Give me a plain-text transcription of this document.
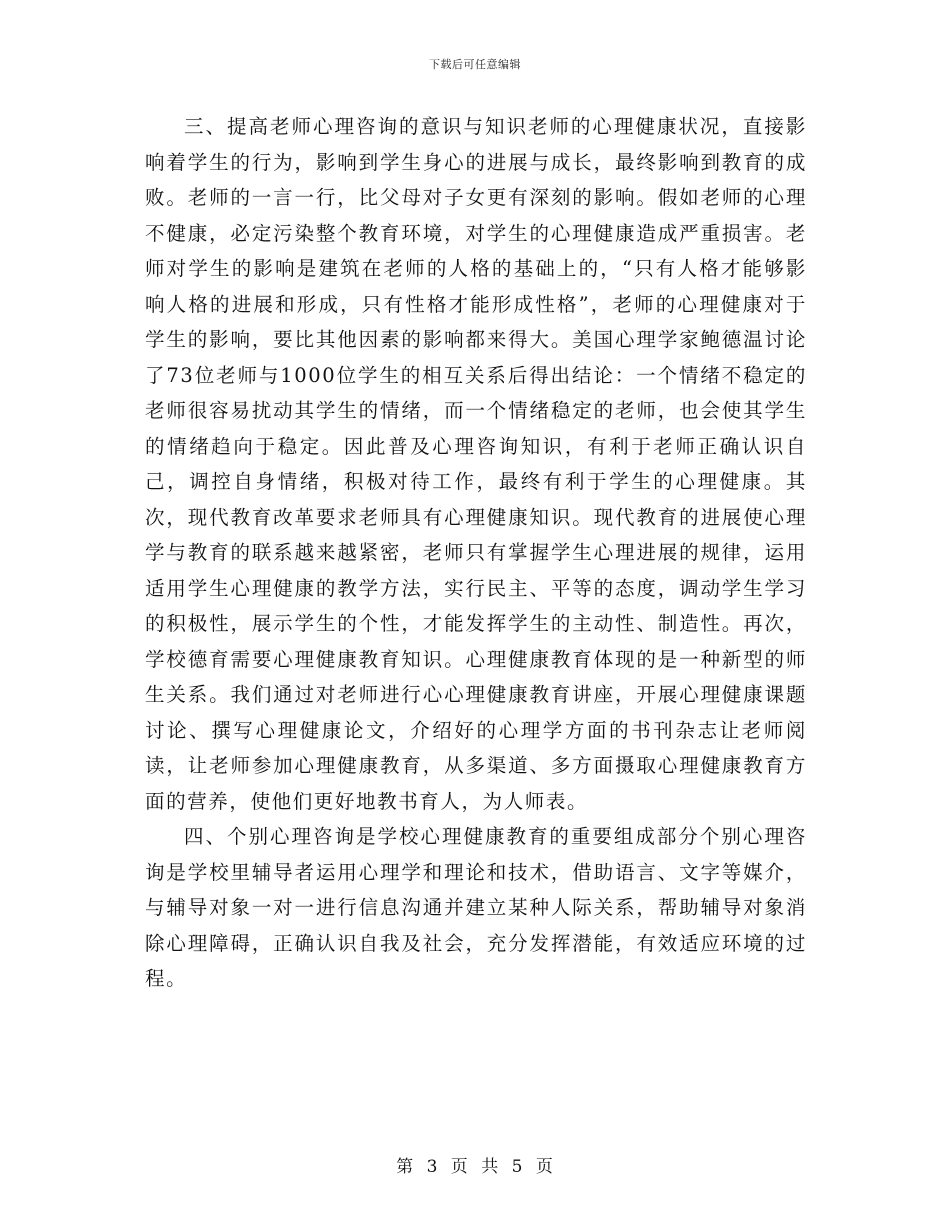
下载后可任意编辑

三、提高老师心理咨询的意识与知识老师的心理健康状况，直接影响着学生的行为，影响到学生身心的进展与成长，最终影响到教育的成败。老师的一言一行，比父母对子女更有深刻的影响。假如老师的心理不健康，必定污染整个教育环境，对学生的心理健康造成严重损害。老师对学生的影响是建筑在老师的人格的基础上的，“只有人格才能够影响人格的进展和形成，只有性格才能形成性格”，老师的心理健康对于学生的影响，要比其他因素的影响都来得大。美国心理学家鲍德温讨论了73位老师与1000位学生的相互关系后得出结论：一个情绪不稳定的老师很容易扰动其学生的情绪，而一个情绪稳定的老师，也会使其学生的情绪趋向于稳定。因此普及心理咨询知识，有利于老师正确认识自己，调控自身情绪，积极对待工作，最终有利于学生的心理健康。其次，现代教育改革要求老师具有心理健康知识。现代教育的进展使心理学与教育的联系越来越紧密，老师只有掌握学生心理进展的规律，运用适用学生心理健康的教学方法，实行民主、平等的态度，调动学生学习的积极性，展示学生的个性，才能发挥学生的主动性、制造性。再次，学校德育需要心理健康教育知识。心理健康教育体现的是一种新型的师生关系。我们通过对老师进行心心理健康教育讲座，开展心理健康课题讨论、撰写心理健康论文，介绍好的心理学方面的书刊杂志让老师阅读，让老师参加心理健康教育，从多渠道、多方面摄取心理健康教育方面的营养，使他们更好地教书育人，为人师表。

四、个别心理咨询是学校心理健康教育的重要组成部分个别心理咨询是学校里辅导者运用心理学和理论和技术，借助语言、文字等媒介，与辅导对象一对一进行信息沟通并建立某种人际关系，帮助辅导对象消除心理障碍，正确认识自我及社会，充分发挥潜能，有效适应环境的过程。

第 3 页 共 5 页
